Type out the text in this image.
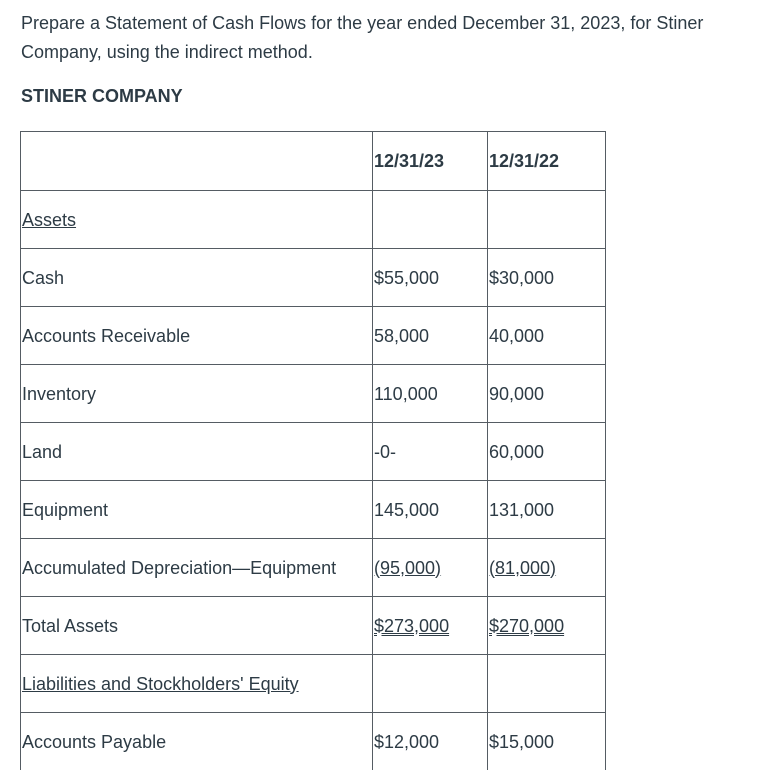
Prepare a Statement of Cash Flows for the year ended December 31, 2023, for Stiner Company, using the indirect method.

STINER COMPANY

	12/31/23	12/31/22
Assets		
Cash	$55,000	$30,000
Accounts Receivable	58,000	40,000
Inventory	110,000	90,000
Land	-0-	60,000
Equipment	145,000	131,000
Accumulated Depreciation—Equipment	(95,000)	(81,000)
Total Assets	$273,000	$270,000
Liabilities and Stockholders' Equity		
Accounts Payable	$12,000	$15,000
